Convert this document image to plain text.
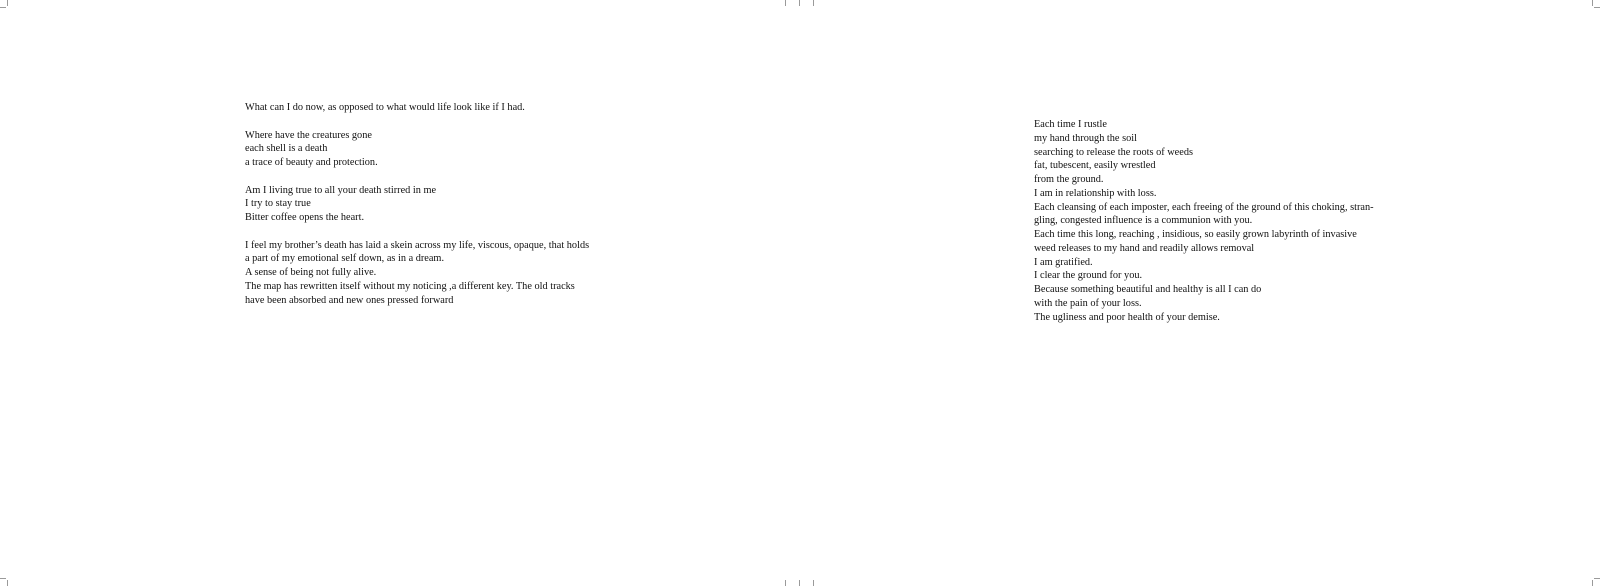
What can I do now, as opposed to what would life look like if I had.
Where have the creatures gone
each shell is a death
a trace of beauty and protection.
Am I living true to all your death stirred in me
I try to stay true
Bitter coffee opens the heart.
I feel my brother’s death has laid a skein across my life, viscous, opaque, that holds
a part of my emotional self down, as in a dream.
A sense of being not fully alive.
The map has rewritten itself without my noticing ,a different key. The old tracks
have been absorbed and new ones pressed forward
Each time I rustle
my hand through the soil
searching to release the roots of weeds
fat, tubescent, easily wrestled
from the ground.
I am in relationship with loss.
Each cleansing of each imposter, each freeing of the ground of this choking, stran-
gling, congested influence is a communion with you.
Each time this long, reaching , insidious, so easily grown labyrinth of invasive
weed releases to my hand and readily allows removal
I am gratified.
I clear the ground for you.
Because something beautiful and healthy is all I can do
with the pain of your loss.
The ugliness and poor health of your demise.
